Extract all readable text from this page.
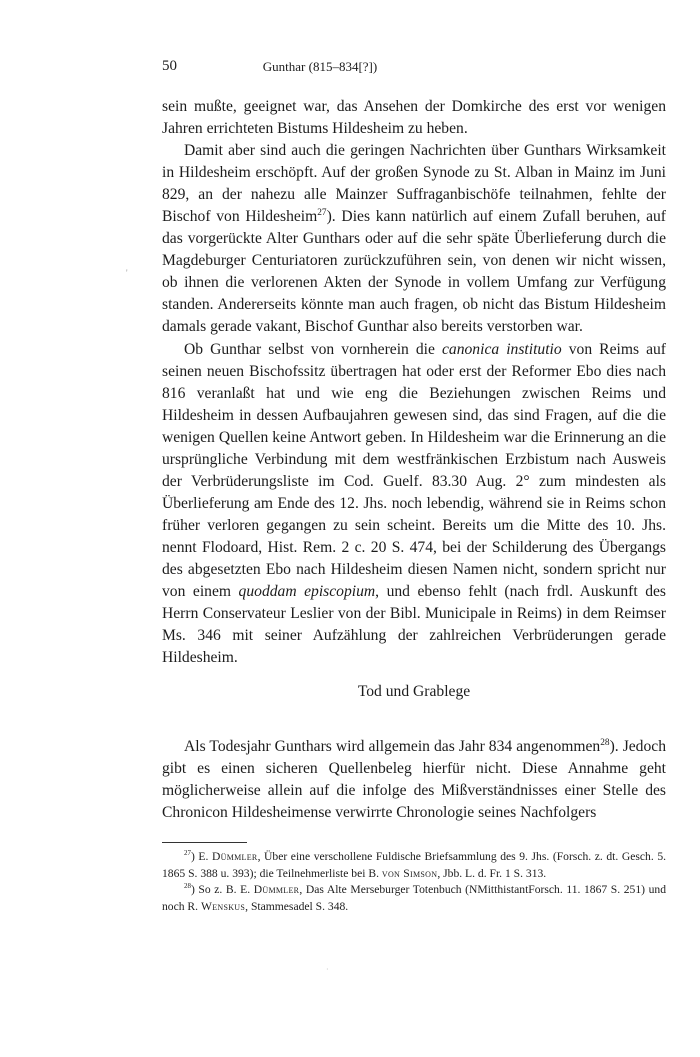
50	Gunthar (815–834[?])
'

sein mußte, geeignet war, das Ansehen der Domkirche des erst vor wenigen Jahren errichteten Bistums Hildesheim zu heben.

Damit aber sind auch die geringen Nachrichten über Gunthars Wirksamkeit in Hildesheim erschöpft. Auf der großen Synode zu St. Alban in Mainz im Juni 829, an der nahezu alle Mainzer Suffraganbischöfe teilnahmen, fehlte der Bischof von Hildesheim$^{27}$). Dies kann natürlich auf einem Zufall beruhen, auf das vorgerückte Alter Gunthars oder auf die sehr späte Überlieferung durch die Magdeburger Centuriatoren zurückzuführen sein, von denen wir nicht wissen, ob ihnen die verlorenen Akten der Synode in vollem Umfang zur Verfügung standen. Andererseits könnte man auch fragen, ob nicht das Bistum Hildesheim damals gerade vakant, Bischof Gunthar also bereits verstorben war.

Ob Gunthar selbst von vornherein die canonica institutio von Reims auf seinen neuen Bischofssitz übertragen hat oder erst der Reformer Ebo dies nach 816 veranlaßt hat und wie eng die Beziehungen zwischen Reims und Hildesheim in dessen Aufbaujahren gewesen sind, das sind Fragen, auf die die wenigen Quellen keine Antwort geben. In Hildesheim war die Erinnerung an die ursprüngliche Verbindung mit dem westfränkischen Erzbistum nach Ausweis der Verbrüderungsliste im Cod. Guelf. 83.30 Aug. 2° zum mindesten als Überlieferung am Ende des 12. Jhs. noch lebendig, während sie in Reims schon früher verloren gegangen zu sein scheint. Bereits um die Mitte des 10. Jhs. nennt Flodoard, Hist. Rem. 2 c. 20 S. 474, bei der Schilderung des Übergangs des abgesetzten Ebo nach Hildesheim diesen Namen nicht, sondern spricht nur von einem quoddam episcopium, und ebenso fehlt (nach frdl. Auskunft des Herrn Conservateur Leslier von der Bibl. Municipale in Reims) in dem Reimser Ms. 346 mit seiner Aufzählung der zahlreichen Verbrüderungen gerade Hildesheim.

Tod und Grablege

Als Todesjahr Gunthars wird allgemein das Jahr 834 angenommen$^{28}$). Jedoch gibt es einen sicheren Quellenbeleg hierfür nicht. Diese Annahme geht möglicherweise allein auf die infolge des Mißverständnisses einer Stelle des Chronicon Hildesheimense verwirrte Chronologie seines Nachfolgers

$^{27}$) E. Dümmler, Über eine verschollene Fuldische Briefsammlung des 9. Jhs. (Forsch. z. dt. Gesch. 5. 1865 S. 388 u. 393); die Teilnehmerliste bei B. von Simson, Jbb. L. d. Fr. 1 S. 313.

$^{28}$) So z. B. E. Dümmler, Das Alte Merseburger Totenbuch (NMitthistantForsch. 11. 1867 S. 251) und noch R. Wenskus, Stammesadel S. 348.

·
